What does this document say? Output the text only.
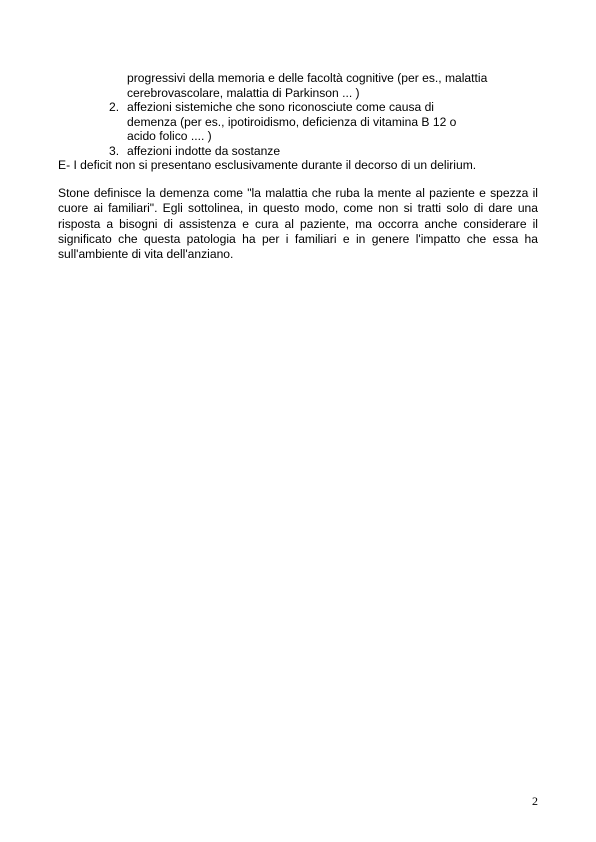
progressivi della memoria e delle facoltà cognitive (per es., malattia
cerebrovascolare, malattia di Parkinson ... )
2. affezioni sistemiche che sono riconosciute come causa di
demenza (per es., ipotiroidismo, deficienza di vitamina B 12 o
acido folico .... )
3. affezioni indotte da sostanze
E- I deficit non si presentano esclusivamente durante il decorso di un delirium.
Stone definisce la demenza come "la malattia che ruba la mente al paziente e spezza il cuore ai familiari". Egli sottolinea, in questo modo, come non si tratti solo di dare una risposta a bisogni di assistenza e cura al paziente, ma occorra anche considerare il significato che questa patologia ha per i familiari e in genere l'impatto che essa ha sull'ambiente di vita dell'anziano.
2
